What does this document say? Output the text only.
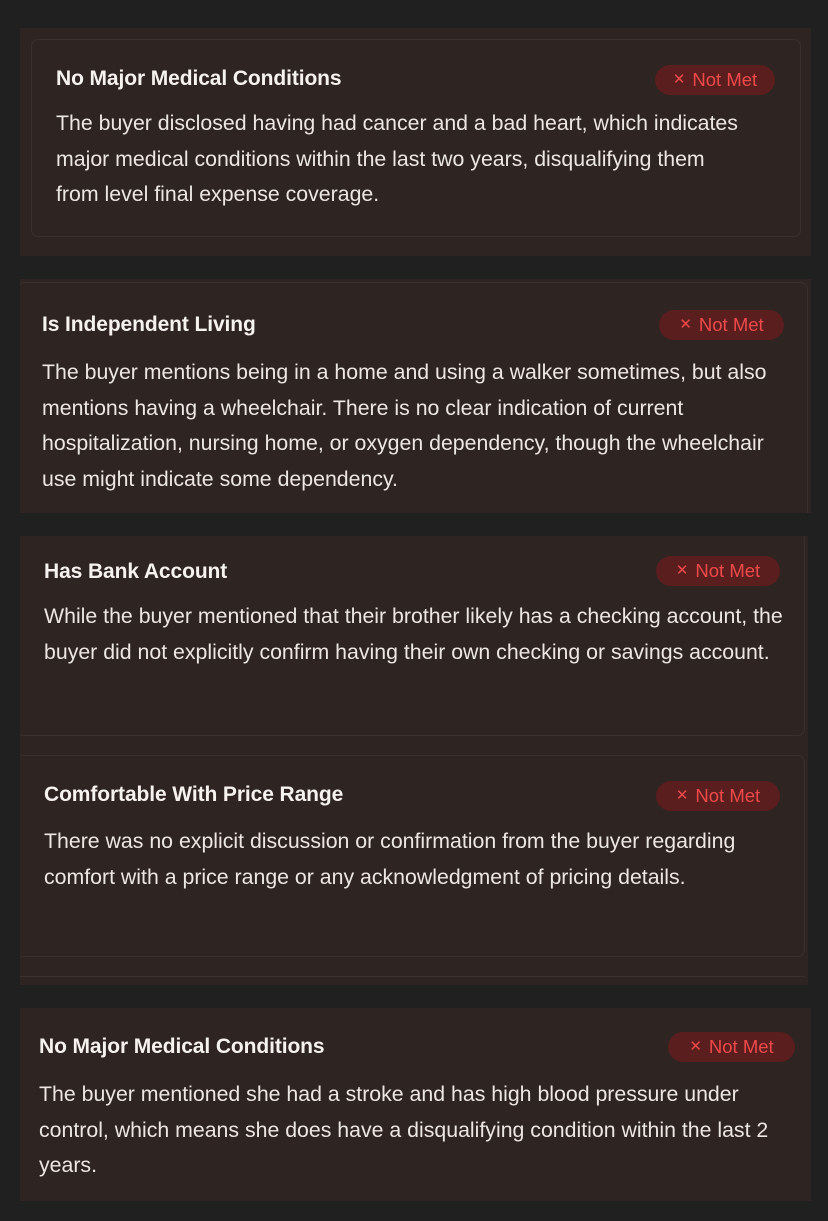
No Major Medical Conditions	✕ Not Met

The buyer disclosed having had cancer and a bad heart, which indicates major medical conditions within the last two years, disqualifying them from level final expense coverage.

Is Independent Living	✕ Not Met

The buyer mentions being in a home and using a walker sometimes, but also mentions having a wheelchair. There is no clear indication of current hospitalization, nursing home, or oxygen dependency, though the wheelchair use might indicate some dependency.

Has Bank Account	✕ Not Met

While the buyer mentioned that their brother likely has a checking account, the buyer did not explicitly confirm having their own checking or savings account.

Comfortable With Price Range	✕ Not Met

There was no explicit discussion or confirmation from the buyer regarding comfort with a price range or any acknowledgment of pricing details.

No Major Medical Conditions	✕ Not Met

The buyer mentioned she had a stroke and has high blood pressure under control, which means she does have a disqualifying condition within the last 2 years.
